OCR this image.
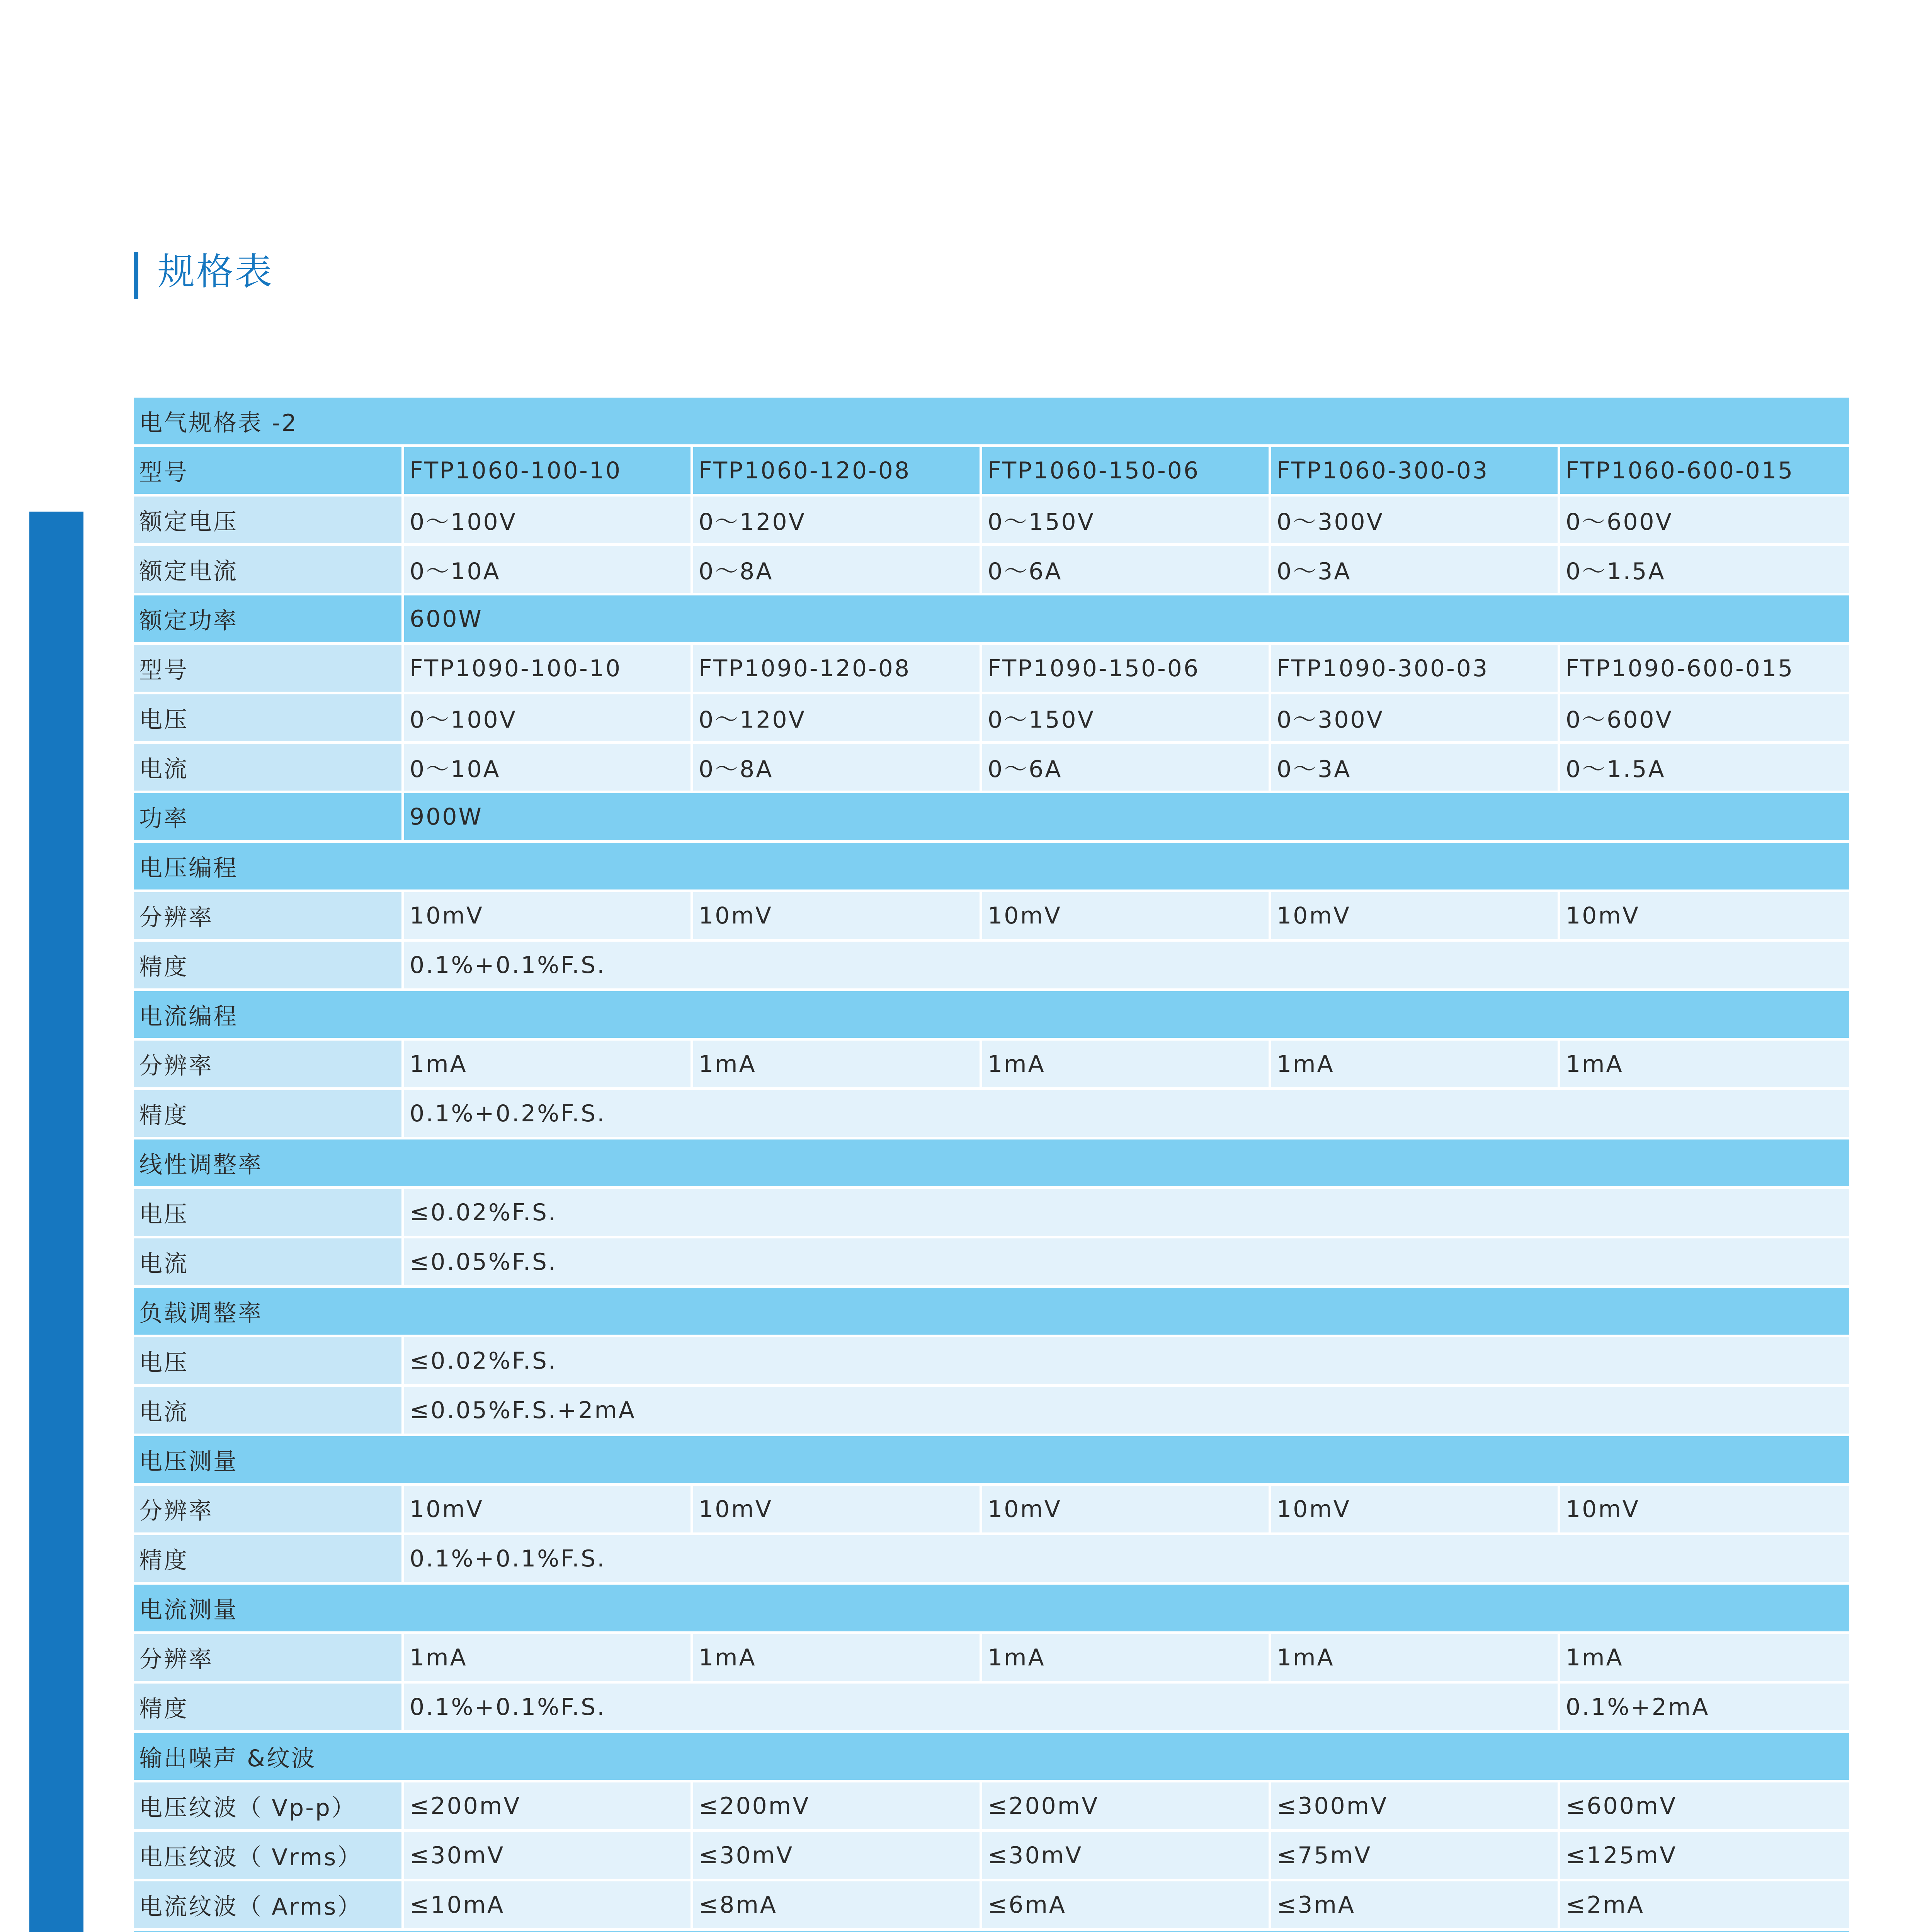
规格表
电气规格表 -2					
型号	FTP1060-100-10	FTP1060-120-08	FTP1060-150-06	FTP1060-300-03	FTP1060-600-015
额定电压	0～100V	0～120V	0～150V	0～300V	0～600V
额定电流	0～10A	0～8A	0～6A	0～3A	0～1.5A
额定功率	600W				
型号	FTP1090-100-10	FTP1090-120-08	FTP1090-150-06	FTP1090-300-03	FTP1090-600-015
电压	0～100V	0～120V	0～150V	0～300V	0～600V
电流	0～10A	0～8A	0～6A	0～3A	0～1.5A
功率	900W				
电压编程					
分辨率	10mV	10mV	10mV	10mV	10mV
精度	0.1%+0.1%F.S.				
电流编程					
分辨率	1mA	1mA	1mA	1mA	1mA
精度	0.1%+0.2%F.S.				
线性调整率					
电压	≤0.02%F.S.				
电流	≤0.05%F.S.				
负载调整率					
电压	≤0.02%F.S.				
电流	≤0.05%F.S.+2mA				
电压测量					
分辨率	10mV	10mV	10mV	10mV	10mV
精度	0.1%+0.1%F.S.				
电流测量					
分辨率	1mA	1mA	1mA	1mA	1mA
精度	0.1%+0.1%F.S.				0.1%+2mA
输出噪声 &纹波					
电压纹波（ Vp-p）	≤200mV	≤200mV	≤200mV	≤300mV	≤600mV
电压纹波（ Vrms）	≤30mV	≤30mV	≤30mV	≤75mV	≤125mV
电流纹波（ Arms）	≤10mA	≤8mA	≤6mA	≤3mA	≤2mA
